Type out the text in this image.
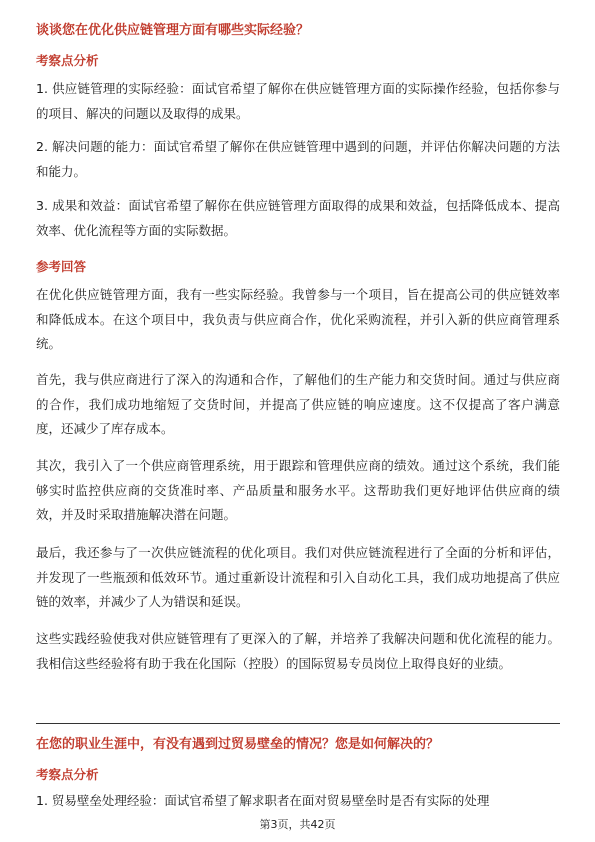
谈谈您在优化供应链管理方面有哪些实际经验？
考察点分析
1. 供应链管理的实际经验：面试官希望了解你在供应链管理方面的实际操作经验，包括你参与的项目、解决的问题以及取得的成果。
2. 解决问题的能力：面试官希望了解你在供应链管理中遇到的问题，并评估你解决问题的方法和能力。
3. 成果和效益：面试官希望了解你在供应链管理方面取得的成果和效益，包括降低成本、提高效率、优化流程等方面的实际数据。
参考回答
在优化供应链管理方面，我有一些实际经验。我曾参与一个项目，旨在提高公司的供应链效率和降低成本。在这个项目中，我负责与供应商合作，优化采购流程，并引入新的供应商管理系统。
首先，我与供应商进行了深入的沟通和合作，了解他们的生产能力和交货时间。通过与供应商的合作，我们成功地缩短了交货时间，并提高了供应链的响应速度。这不仅提高了客户满意度，还减少了库存成本。
其次，我引入了一个供应商管理系统，用于跟踪和管理供应商的绩效。通过这个系统，我们能够实时监控供应商的交货准时率、产品质量和服务水平。这帮助我们更好地评估供应商的绩效，并及时采取措施解决潜在问题。
最后，我还参与了一次供应链流程的优化项目。我们对供应链流程进行了全面的分析和评估，并发现了一些瓶颈和低效环节。通过重新设计流程和引入自动化工具，我们成功地提高了供应链的效率，并减少了人为错误和延误。
这些实践经验使我对供应链管理有了更深入的了解，并培养了我解决问题和优化流程的能力。我相信这些经验将有助于我在化国际（控股）的国际贸易专员岗位上取得良好的业绩。
在您的职业生涯中，有没有遇到过贸易壁垒的情况？您是如何解决的？
考察点分析
1. 贸易壁垒处理经验：面试官希望了解求职者在面对贸易壁垒时是否有实际的处理
第3页，共42页
